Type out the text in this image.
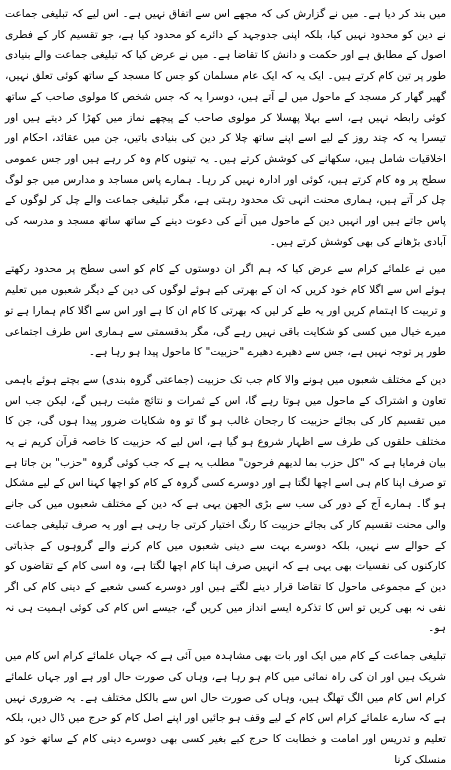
میں بند کر دیا ہے۔ میں نے گزارش کی کہ مجھے اس سے اتفاق نہیں ہے۔ اس لیے کہ تبلیغی جماعت نے دین کو محدود نہیں کیا، بلکہ اپنی جدوجہد کے دائرے کو محدود کیا ہے، جو تقسیم کار کے فطری اصول کے مطابق ہے اور حکمت و دانش کا تقاضا ہے۔ میں نے عرض کیا کہ تبلیغی جماعت والے بنیادی طور پر تین کام کرتے ہیں۔ ایک یہ کہ ایک عام مسلمان کو جس کا مسجد کے ساتھ کوئی تعلق نہیں، گھیر گھار کر مسجد کے ماحول میں لے آتے ہیں، دوسرا یہ کہ جس شخص کا مولوی صاحب کے ساتھ کوئی رابطہ نہیں ہے، اسے بہلا پھسلا کر مولوی صاحب کے پیچھے نماز میں کھڑا کر دیتے ہیں اور تیسرا یہ کہ چند روز کے لیے اسے اپنے ساتھ چلا کر دین کی بنیادی باتیں، جن میں عقائد، احکام اور اخلاقیات شامل ہیں، سکھانے کی کوشش کرتے ہیں۔ یہ تینوں کام وہ کر رہے ہیں اور جس عمومی سطح پر وہ کام کرتے ہیں، کوئی اور ادارہ نہیں کر رہا۔ ہمارے پاس مساجد و مدارس میں جو لوگ چل کر آتے ہیں، ہماری محنت انہی تک محدود رہتی ہے، مگر تبلیغی جماعت والے چل کر لوگوں کے پاس جاتے ہیں اور انہیں دین کے ماحول میں آنے کی دعوت دینے کے ساتھ ساتھ مسجد و مدرسہ کی آبادی بڑھانے کی بھی کوشش کرتے ہیں۔

میں نے علمائے کرام سے عرض کیا کہ ہم اگر ان دوستوں کے کام کو اسی سطح پر محدود رکھتے ہوئے اس سے اگلا کام خود کریں کہ ان کے بھرتی کیے ہوئے لوگوں کی دین کے دیگر شعبوں میں تعلیم و تربیت کا اہتمام کریں اور یہ طے کر لیں کہ بھرتی کا کام ان کا ہے اور اس سے اگلا کام ہمارا ہے تو میرے خیال میں کسی کو شکایت باقی نہیں رہے گی، مگر بدقسمتی سے ہماری اس طرف اجتماعی طور پر توجہ نہیں ہے، جس سے دھیرے دھیرے "حزبیت" کا ماحول پیدا ہو رہا ہے۔

دین کے مختلف شعبوں میں ہونے والا کام جب تک حزبیت (جماعتی گروہ بندی) سے بچتے ہوئے باہمی تعاون و اشتراک کے ماحول میں ہوتا رہے گا، اس کے ثمرات و نتائج مثبت رہیں گے، لیکن جب اس میں تقسیم کار کی بجائے حزبیت کا رجحان غالب ہو گا تو وہ شکایات ضرور پیدا ہوں گی، جن کا مختلف حلقوں کی طرف سے اظہار شروع ہو گیا ہے، اس لیے کہ حزبیت کا خاصہ قرآن کریم نے یہ بیان فرمایا ہے کہ "کل حزب بما لدیھم فرحون" مطلب یہ ہے کہ جب کوئی گروہ "حزب" بن جاتا ہے تو صرف اپنا کام ہی اسے اچھا لگتا ہے اور دوسرے کسی گروہ کے کام کو اچھا کہنا اس کے لیے مشکل ہو گا۔ ہمارے آج کے دور کی سب سے بڑی الجھن یہی ہے کہ دین کے مختلف شعبوں میں کی جانے والی محنت تقسیم کار کی بجائے حزبیت کا رنگ اختیار کرتی جا رہی ہے اور یہ صرف تبلیغی جماعت کے حوالے سے نہیں، بلکہ دوسرے بہت سے دینی شعبوں میں کام کرنے والے گروہوں کے جذباتی کارکنوں کی نفسیات بھی یہی ہے کہ انہیں صرف اپنا کام اچھا لگتا ہے، وہ اسی کام کے تقاضوں کو دین کے مجموعی ماحول کا تقاضا قرار دینے لگتے ہیں اور دوسرے کسی شعبے کے دینی کام کی اگر نفی نہ بھی کریں تو اس کا تذکرہ ایسے انداز میں کریں گے، جیسے اس کام کی کوئی اہمیت ہی نہ ہو۔

تبلیغی جماعت کے کام میں ایک اور بات بھی مشاہدہ میں آئی ہے کہ جہاں علمائے کرام اس کام میں شریک ہیں اور ان کی راہ نمائی میں کام ہو رہا ہے، وہاں کی صورت حال اور ہے اور جہاں علمائے کرام اس کام میں الگ تھلگ ہیں، وہاں کی صورت حال اس سے بالکل مختلف ہے۔ یہ ضروری نہیں ہے کہ سارے علمائے کرام اس کام کے لیے وقف ہو جائیں اور اپنے اصل کام کو حرج میں ڈال دیں، بلکہ تعلیم و تدریس اور امامت و خطابت کا حرج کیے بغیر کسی بھی دوسرے دینی کام کے ساتھ خود کو منسلک کرنا
